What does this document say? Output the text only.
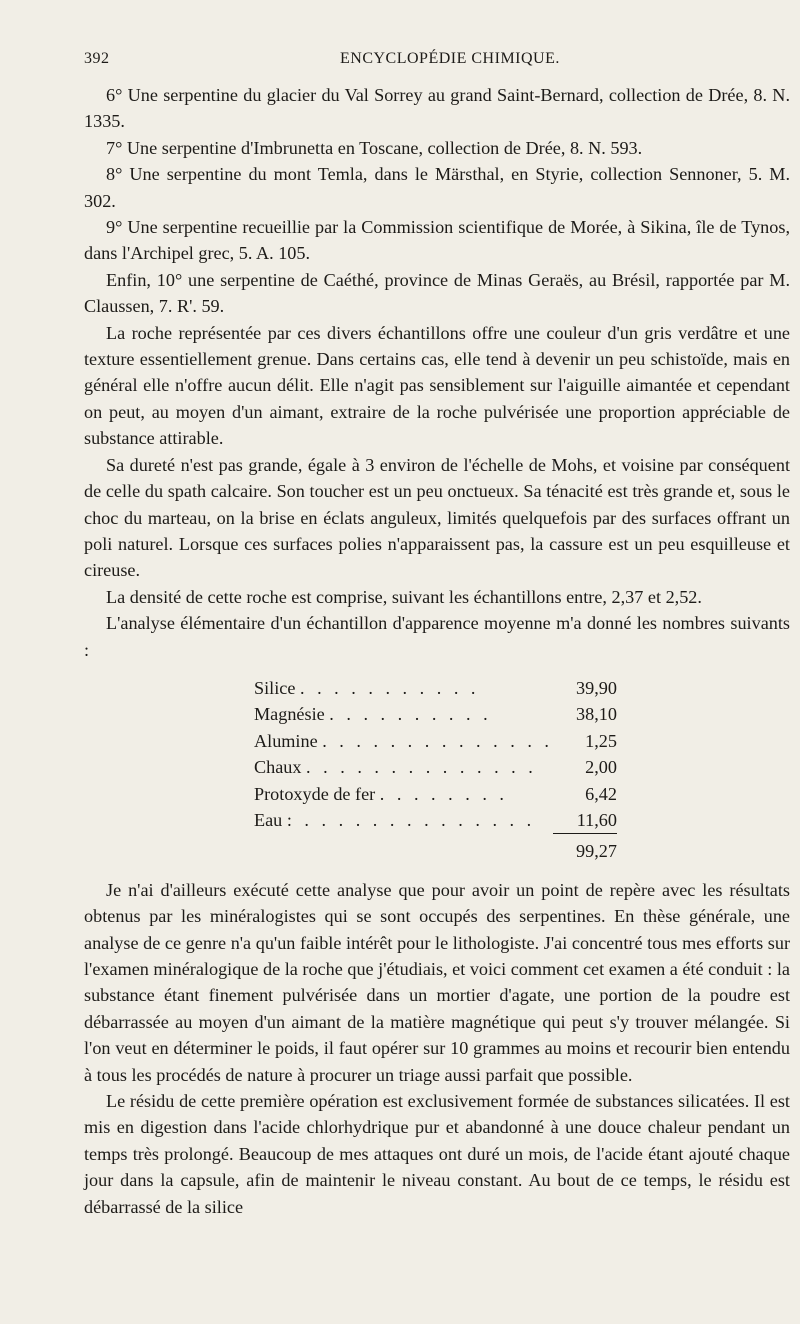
392	ENCYCLOPÉDIE CHIMIQUE.

6° Une serpentine du glacier du Val Sorrey au grand Saint-Bernard, collection de Drée, 8. N. 1335.

7° Une serpentine d'Imbrunetta en Toscane, collection de Drée, 8. N. 593.

8° Une serpentine du mont Temla, dans le Märsthal, en Styrie, collection Sennoner, 5. M. 302.

9° Une serpentine recueillie par la Commission scientifique de Morée, à Sikina, île de Tynos, dans l'Archipel grec, 5. A. 105.

Enfin, 10° une serpentine de Caéthé, province de Minas Geraës, au Brésil, rapportée par M. Claussen, 7. R'. 59.

La roche représentée par ces divers échantillons offre une couleur d'un gris verdâtre et une texture essentiellement grenue. Dans certains cas, elle tend à devenir un peu schistoïde, mais en général elle n'offre aucun délit. Elle n'agit pas sensiblement sur l'aiguille aimantée et cependant on peut, au moyen d'un aimant, extraire de la roche pulvérisée une proportion appréciable de substance attirable.

Sa dureté n'est pas grande, égale à 3 environ de l'échelle de Mohs, et voisine par conséquent de celle du spath calcaire. Son toucher est un peu onctueux. Sa ténacité est très grande et, sous le choc du marteau, on la brise en éclats anguleux, limités quelquefois par des surfaces offrant un poli naturel. Lorsque ces surfaces polies n'apparaissent pas, la cassure est un peu esquilleuse et cireuse.

La densité de cette roche est comprise, suivant les échantillons entre, 2,37 et 2,52.

L'analyse élémentaire d'un échantillon d'apparence moyenne m'a donné les nombres suivants :

Silice . . . . . . . . . . .	39,90
Magnésie . . . . . . . . . .	38,10
Alumine . . . . . . . . . . . . . .	1,25
Chaux . . . . . . . . . . . . . .	2,00
Protoxyde de fer . . . . . . . .	6,42
Eau : . . . . . . . . . . . . . .	11,60
	99,27

Je n'ai d'ailleurs exécuté cette analyse que pour avoir un point de repère avec les résultats obtenus par les minéralogistes qui se sont occupés des serpentines. En thèse générale, une analyse de ce genre n'a qu'un faible intérêt pour le lithologiste. J'ai concentré tous mes efforts sur l'examen minéralogique de la roche que j'étudiais, et voici comment cet examen a été conduit : la substance étant finement pulvérisée dans un mortier d'agate, une portion de la poudre est débarrassée au moyen d'un aimant de la matière magnétique qui peut s'y trouver mélangée. Si l'on veut en déterminer le poids, il faut opérer sur 10 grammes au moins et recourir bien entendu à tous les procédés de nature à procurer un triage aussi parfait que possible.

Le résidu de cette première opération est exclusivement formée de substances silicatées. Il est mis en digestion dans l'acide chlorhydrique pur et abandonné à une douce chaleur pendant un temps très prolongé. Beaucoup de mes attaques ont duré un mois, de l'acide étant ajouté chaque jour dans la capsule, afin de maintenir le niveau constant. Au bout de ce temps, le résidu est débarrassé de la silice
